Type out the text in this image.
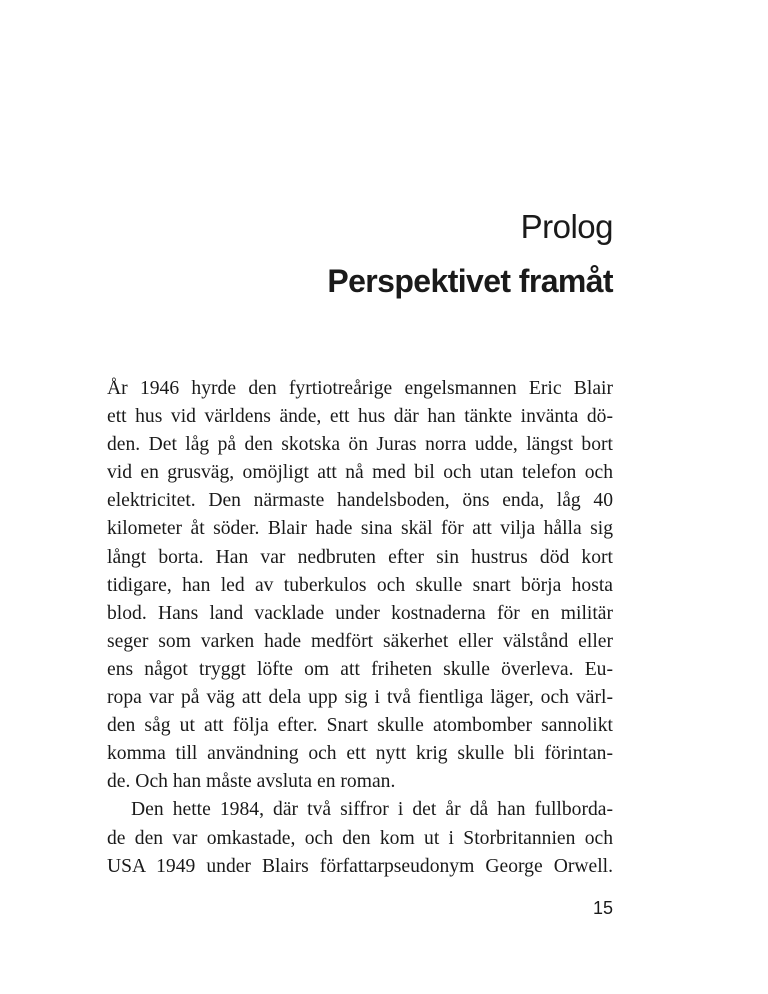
Prolog
Perspektivet framåt
År 1946 hyrde den fyrtiotreårige engelsmannen Eric Blair
ett hus vid världens ände, ett hus där han tänkte invänta dö-
den. Det låg på den skotska ön Juras norra udde, längst bort
vid en grusväg, omöjligt att nå med bil och utan telefon och
elektricitet. Den närmaste handelsboden, öns enda, låg 40
kilometer åt söder. Blair hade sina skäl för att vilja hålla sig
långt borta. Han var nedbruten efter sin hustrus död kort
tidigare, han led av tuberkulos och skulle snart börja hosta
blod. Hans land vacklade under kostnaderna för en militär
seger som varken hade medfört säkerhet eller välstånd eller
ens något tryggt löfte om att friheten skulle överleva. Eu-
ropa var på väg att dela upp sig i två fientliga läger, och värl-
den såg ut att följa efter. Snart skulle atombomber sannolikt
komma till användning och ett nytt krig skulle bli förintan-
de. Och han måste avsluta en roman.
Den hette 1984, där två siffror i det år då han fullborda-
de den var omkastade, och den kom ut i Storbritannien och
USA 1949 under Blairs författarpseudonym George Orwell.
15
